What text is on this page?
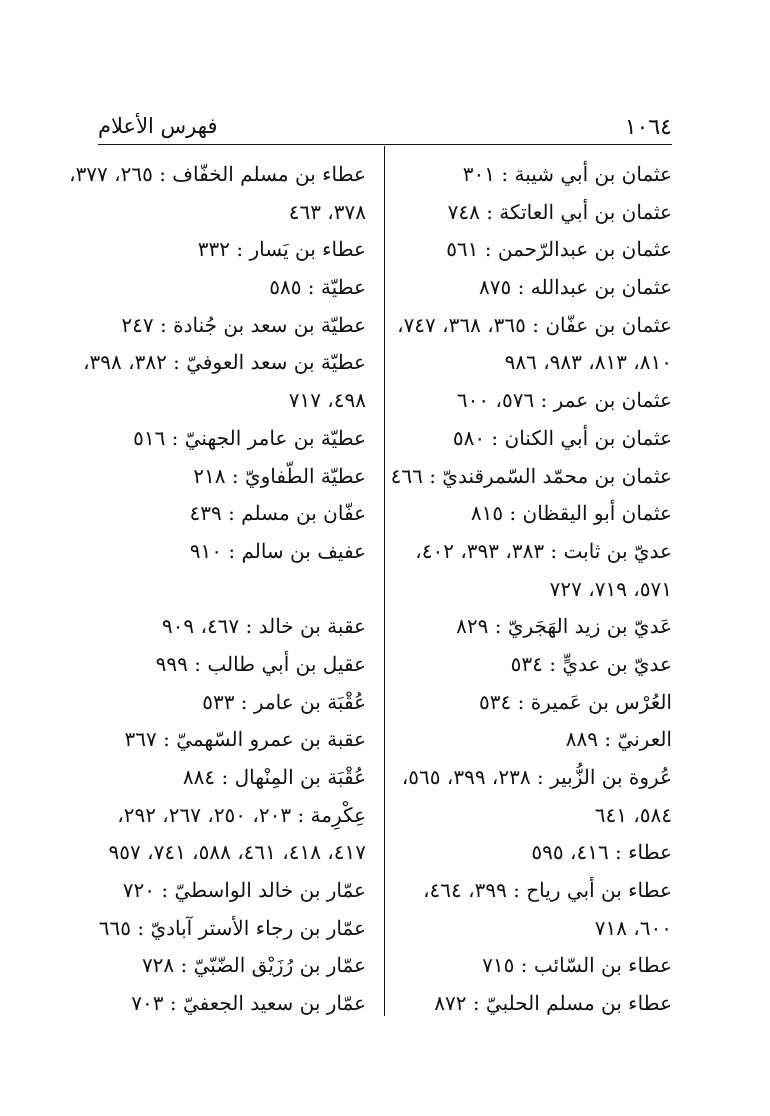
فهرس الأعلام	١٠٦٤
عثمان بن أبي شيبة : ٣٠١
عثمان بن أبي العاتكة : ٧٤٨
عثمان بن عبدالرّحمن : ٥٦١
عثمان بن عبدالله : ٨٧٥
عثمان بن عفّان : ٣٦٥، ٣٦٨، ٧٤٧،
٨١٠، ٨١٣، ٩٨٣، ٩٨٦
عثمان بن عمر : ٥٧٦، ٦٠٠
عثمان بن أبي الكنان : ٥٨٠
عثمان بن محمّد السّمرقنديّ : ٤٦٦
عثمان أبو اليقظان : ٨١٥
عديّ بن ثابت : ٣٨٣، ٣٩٣، ٤٠٢،
٥٧١، ٧١٩، ٧٢٧
عَديّ بن زيد الهَجَريّ : ٨٢٩
عديّ بن عديٍّ : ٥٣٤
العُرْس بن عَميرة : ٥٣٤
العرنيّ : ٨٨٩
عُروة بن الزُّبير : ٢٣٨، ٣٩٩، ٥٦٥،
٥٨٤، ٦٤١
عطاء : ٤١٦، ٥٩٥
عطاء بن أبي رياح : ٣٩٩، ٤٦٤،
٦٠٠، ٧١٨
عطاء بن السّائب : ٧١٥
عطاء بن مسلم الحلبيّ : ٨٧٢
عطاء بن مسلم الخفّاف : ٢٦٥، ٣٧٧،
٣٧٨، ٤٦٣
عطاء بن يَسار : ٣٣٢
عطيّة : ٥٨٥
عطيّة بن سعد بن جُنادة : ٢٤٧
عطيّة بن سعد العوفيّ : ٣٨٢، ٣٩٨،
٤٩٨، ٧١٧
عطيّة بن عامر الجهنيّ : ٥١٦
عطيّة الطّفاويّ : ٢١٨
عفّان بن مسلم : ٤٣٩
عفيف بن سالم : ٩١٠
عقبة بن خالد : ٤٦٧، ٩٠٩
عقيل بن أبي طالب : ٩٩٩
عُقْبَة بن عامر : ٥٣٣
عقبة بن عمرو السّهميّ : ٣٦٧
عُقْبَة بن المِنْهال : ٨٨٤
عِكْرِمة : ٢٠٣، ٢٥٠، ٢٦٧، ٢٩٢،
٤١٧، ٤١٨، ٤٦١، ٥٨٨، ٧٤١، ٩٥٧
عمّار بن خالد الواسطيّ : ٧٢٠
عمّار بن رجاء الأستر آباديّ : ٦٦٥
عمّار بن رُزَيْق الضّبّيّ : ٧٢٨
عمّار بن سعيد الجعفيّ : ٧٠٣
